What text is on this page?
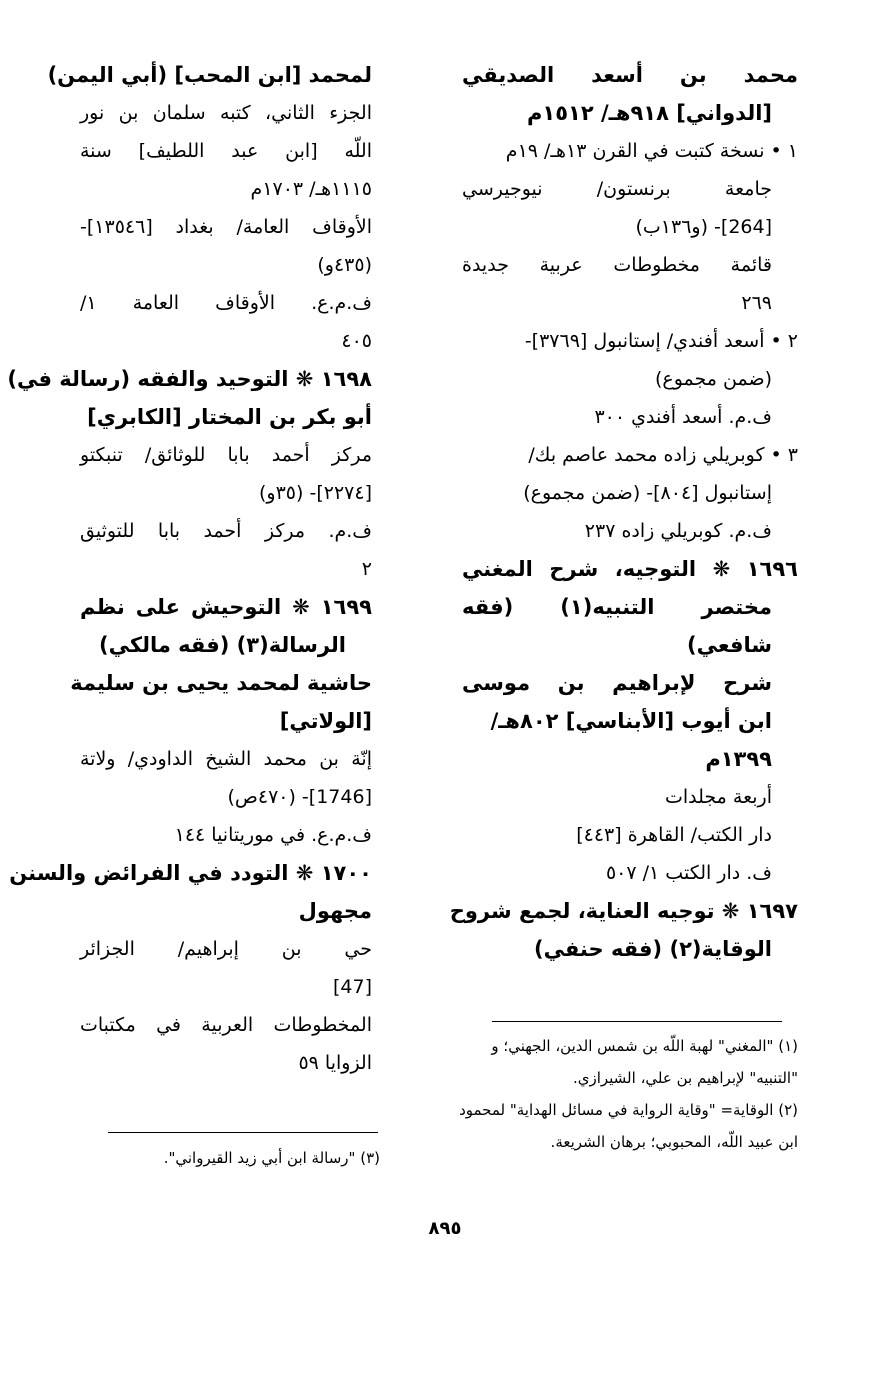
محمد بن أسعد الصديقي
[الدواني] ٩١٨هـ/ ١٥١٢م
١ • نسخة كتبت في القرن ١٣هـ/ ١٩م
جامعة برنستون/ نيوجيرسي
[264]- (و١٣٦ب)
قائمة مخطوطات عربية جديدة
٢٦٩
٢ • أسعد أفندي/ إستانبول [٣٧٦٩]-
(ضمن مجموع)
ف.م. أسعد أفندي ٣٠٠
٣ • كوبريلي زاده محمد عاصم بك/
إستانبول [٨٠٤]- (ضمن مجموع)
ف.م. كوبريلي زاده ٢٣٧
١٦٩٦ ❋ التوجيه، شرح المغني
مختصر التنبيه(١) (فقه
شافعي)
شرح لإبراهيم بن موسى
ابن أيوب [الأبناسي] ٨٠٢هـ/
١٣٩٩م
أربعة مجلدات
دار الكتب/ القاهرة [٤٤٣]
ف. دار الكتب ١/ ٥٠٧
١٦٩٧ ❋ توجيه العناية، لجمع شروح
الوقاية(٢) (فقه حنفي)
لمحمد [ابن المحب] (أبي اليمن)
الجزء الثاني، كتبه سلمان بن نور
اللّه [ابن عبد اللطيف] سنة
١١١٥هـ/ ١٧٠٣م
الأوقاف العامة/ بغداد [١٣٥٤٦]-
(٤٣٥و)
ف.م.ع. الأوقاف العامة ١/
٤٠٥
١٦٩٨ ❋ التوحيد والفقه (رسالة في)
أبو بكر بن المختار [الكابري]
مركز أحمد بابا للوثائق/ تنبكتو
[٢٢٧٤]- (٣٥و)
ف.م. مركز أحمد بابا للتوثيق
٢
١٦٩٩ ❋ التوحيش على نظم
الرسالة(٣) (فقه مالكي)
حاشية لمحمد يحيى بن سليمة
[الولاتي]
إنّة بن محمد الشيخ الداودي/ ولاتة
[1746]- (٤٧٠ص)
ف.م.ع. في موريتانيا ١٤٤
١٧٠٠ ❋ التودد في الفرائض والسنن
مجهول
حي بن إبراهيم/ الجزائر
[47]
المخطوطات العربية في مكتبات
الزوايا ٥٩
(١) "المغني" لهبة اللّه بن شمس الدين، الجهني؛ و
"التنبيه" لإبراهيم بن علي، الشيرازي.
(٢) الوقاية= "وقاية الرواية في مسائل الهداية" لمحمود
ابن عبيد اللّه، المحبوبي؛ برهان الشريعة.
(٣) "رسالة ابن أبي زيد القيرواني".
٨٩٥
